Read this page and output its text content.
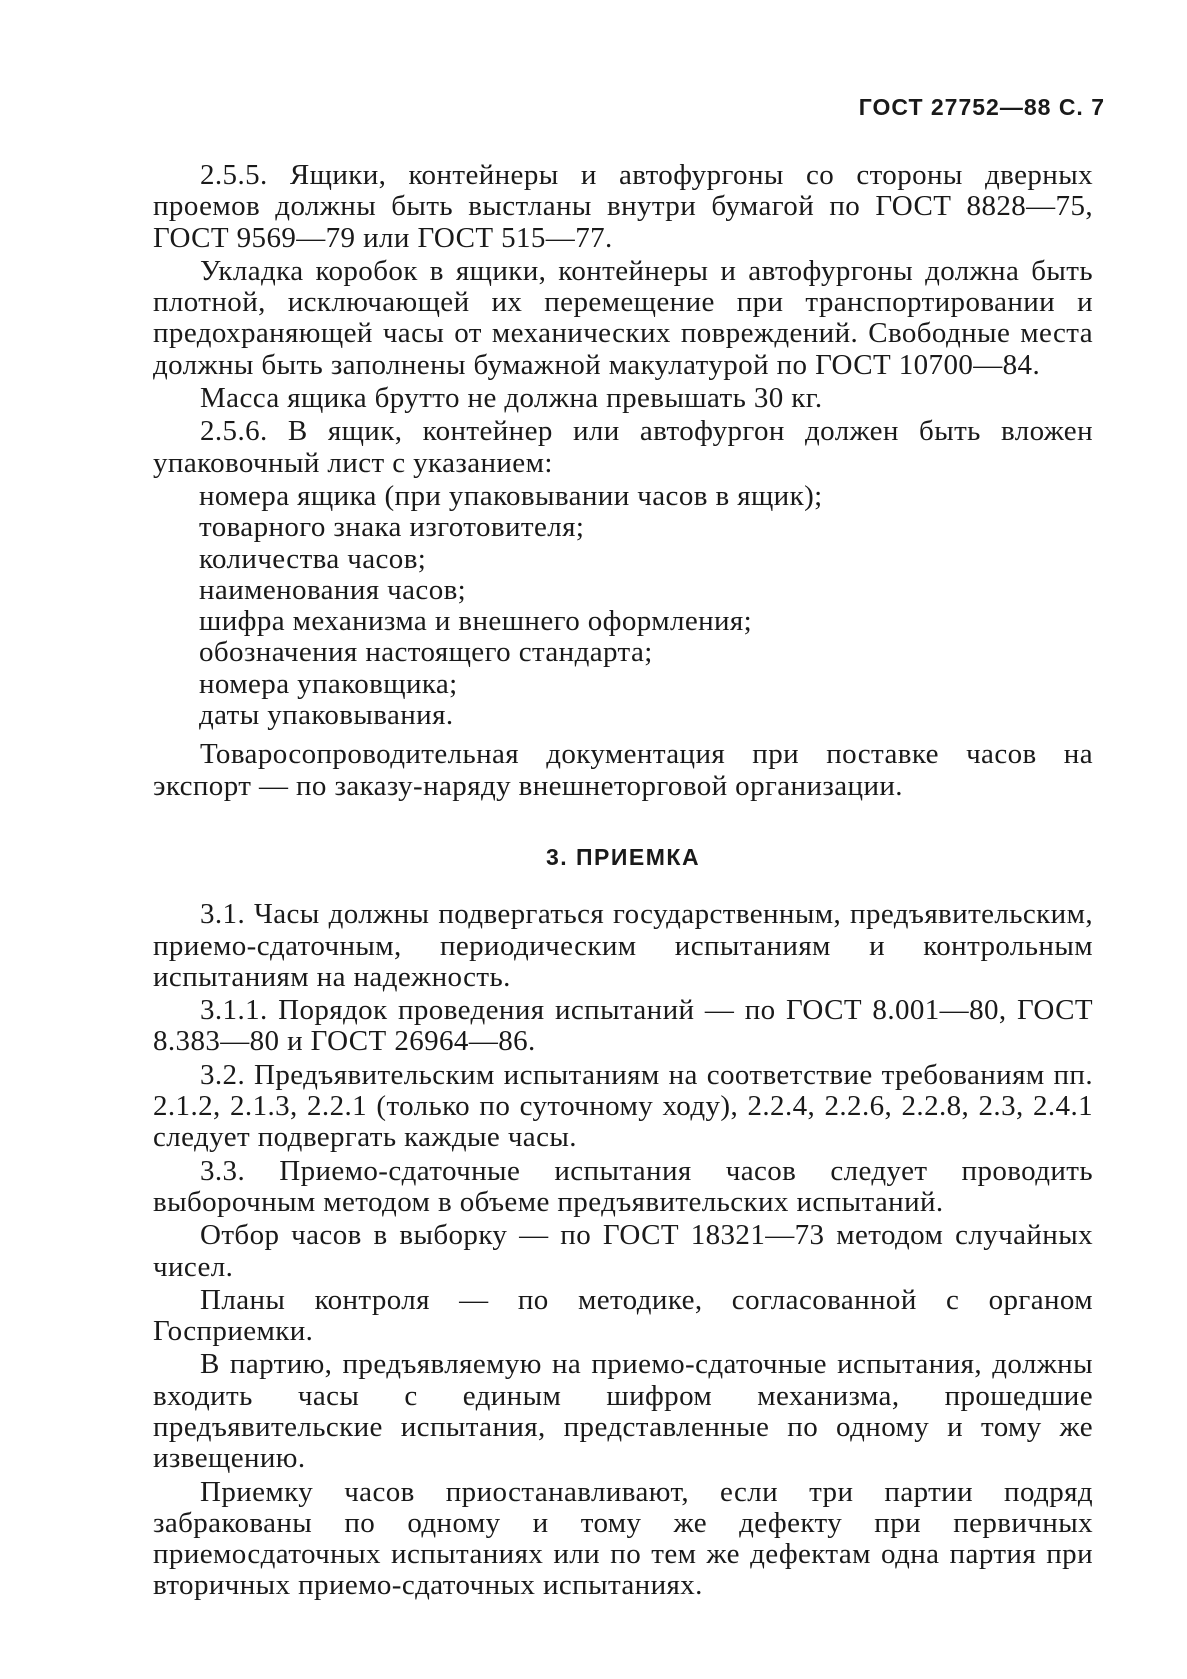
ГОСТ 27752—88 С. 7

2.5.5. Ящики, контейнеры и автофургоны со стороны дверных проемов должны быть выстланы внутри бумагой по ГОСТ 8828—75, ГОСТ 9569—79 или ГОСТ 515—77.

Укладка коробок в ящики, контейнеры и автофургоны должна быть плотной, исключающей их перемещение при транспортировании и предохраняющей часы от механических повреждений. Свободные места должны быть заполнены бумажной макулатурой по ГОСТ 10700—84.

Масса ящика брутто не должна превышать 30 кг.

2.5.6. В ящик, контейнер или автофургон должен быть вложен упаковочный лист с указанием:

номера ящика (при упаковывании часов в ящик);
товарного знака изготовителя;
количества часов;
наименования часов;
шифра механизма и внешнего оформления;
обозначения настоящего стандарта;
номера упаковщика;
даты упаковывания.

Товаросопроводительная документация при поставке часов на экспорт — по заказу-наряду внешнеторговой организации.

3. ПРИЕМКА

3.1. Часы должны подвергаться государственным, предъявительским, приемо-сдаточным, периодическим испытаниям и контрольным испытаниям на надежность.

3.1.1. Порядок проведения испытаний — по ГОСТ 8.001—80, ГОСТ 8.383—80 и ГОСТ 26964—86.

3.2. Предъявительским испытаниям на соответствие требованиям пп. 2.1.2, 2.1.3, 2.2.1 (только по суточному ходу), 2.2.4, 2.2.6, 2.2.8, 2.3, 2.4.1 следует подвергать каждые часы.

3.3. Приемо-сдаточные испытания часов следует проводить выборочным методом в объеме предъявительских испытаний.

Отбор часов в выборку — по ГОСТ 18321—73 методом случайных чисел.

Планы контроля — по методике, согласованной с органом Госприемки.

В партию, предъявляемую на приемо-сдаточные испытания, должны входить часы с единым шифром механизма, прошедшие предъявительские испытания, представленные по одному и тому же извещению.

Приемку часов приостанавливают, если три партии подряд забракованы по одному и тому же дефекту при первичных приемосдаточных испытаниях или по тем же дефектам одна партия при вторичных приемо-сдаточных испытаниях.
